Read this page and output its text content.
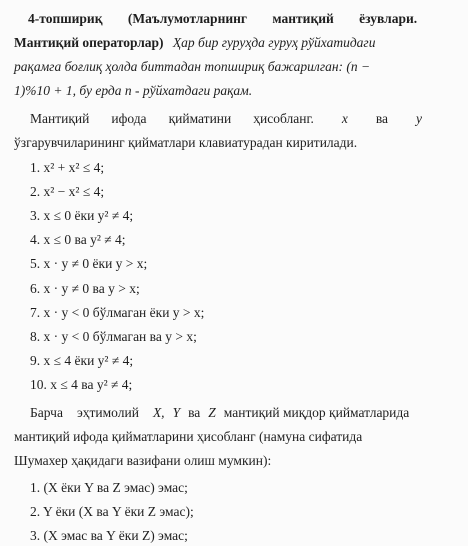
4-топшириқ (Маълумотларнинг мантиқий ёзувлари.
Мантиқий операторлар) Ҳар бир гуруҳда гуруҳ рўйхатидаги
рақамга боғлиқ ҳолда биттадан топшириқ бажарилган: (n −
1)%10 + 1, бу ерда n - рўйхатдаги рақам.
Мантиқий ифода қийматини ҳисобланг. x ва y
ўзгарувчиларининг қийматлари клавиатурадан киритилади.
1. x² + x² ≤ 4;
2. x² − x² ≤ 4;
3. x ≤ 0 ёки y² ≠ 4;
4. x ≤ 0 ва y² ≠ 4;
5. x · y ≠ 0 ёки y > x;
6. x · y ≠ 0 ва y > x;
7. x · y < 0 бўлмаган ёки y > x;
8. x · y < 0 бўлмаган ва y > x;
9. x ≤ 4 ёки y² ≠ 4;
10. x ≤ 4 ва y² ≠ 4;
Барча эҳтимолий X, Y ва Z мантиқий миқдор қийматларида
мантиқий ифода қийматларини ҳисобланг (намуна сифатида
Шумахер ҳақидаги вазифани олиш мумкин):
1. (X ёки Y ва Z эмас) эмас;
2. Y ёки (X ва Y ёки Z эмас);
3. (X эмас ва Y ёки Z) эмас;
